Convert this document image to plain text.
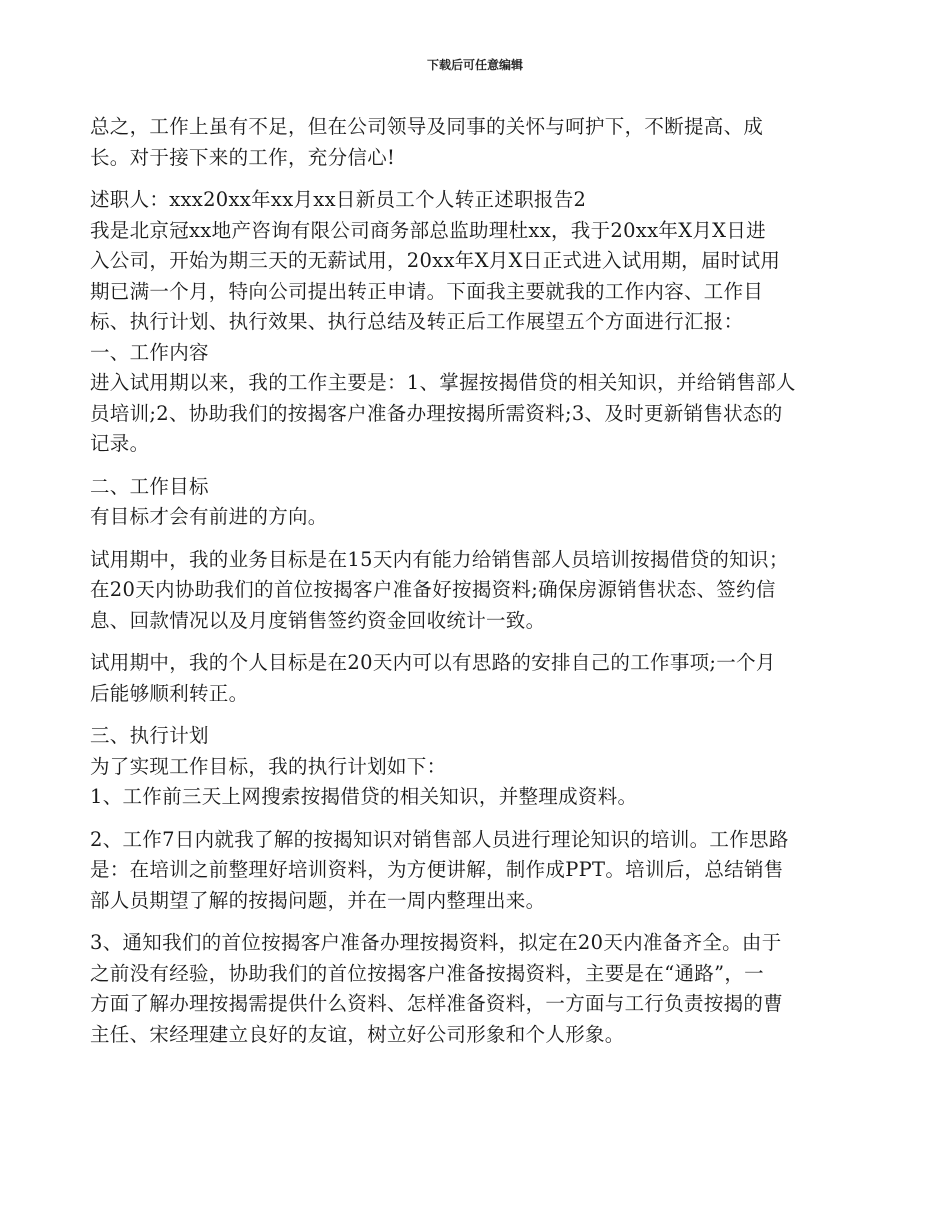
下载后可任意编辑

总之，工作上虽有不足，但在公司领导及同事的关怀与呵护下，不断提高、成

长。对于接下来的工作，充分信心!

述职人：xxx20xx年xx月xx日新员工个人转正述职报告2

我是北京冠xx地产咨询有限公司商务部总监助理杜xx，我于20xx年X月X日进

入公司，开始为期三天的无薪试用，20xx年X月X日正式进入试用期，届时试用

期已满一个月，特向公司提出转正申请。下面我主要就我的工作内容、工作目

标、执行计划、执行效果、执行总结及转正后工作展望五个方面进行汇报：

一、工作内容

进入试用期以来，我的工作主要是：1、掌握按揭借贷的相关知识，并给销售部人

员培训;2、协助我们的按揭客户准备办理按揭所需资料;3、及时更新销售状态的

记录。

二、工作目标

有目标才会有前进的方向。

试用期中，我的业务目标是在15天内有能力给销售部人员培训按揭借贷的知识；

在20天内协助我们的首位按揭客户准备好按揭资料;确保房源销售状态、签约信

息、回款情况以及月度销售签约资金回收统计一致。

试用期中，我的个人目标是在20天内可以有思路的安排自己的工作事项;一个月

后能够顺利转正。

三、执行计划

为了实现工作目标，我的执行计划如下：

1、工作前三天上网搜索按揭借贷的相关知识，并整理成资料。

2、工作7日内就我了解的按揭知识对销售部人员进行理论知识的培训。工作思路

是：在培训之前整理好培训资料，为方便讲解，制作成PPT。培训后，总结销售

部人员期望了解的按揭问题，并在一周内整理出来。

3、通知我们的首位按揭客户准备办理按揭资料，拟定在20天内准备齐全。由于

之前没有经验，协助我们的首位按揭客户准备按揭资料，主要是在“通路”，一

方面了解办理按揭需提供什么资料、怎样准备资料，一方面与工行负责按揭的曹

主任、宋经理建立良好的友谊，树立好公司形象和个人形象。
